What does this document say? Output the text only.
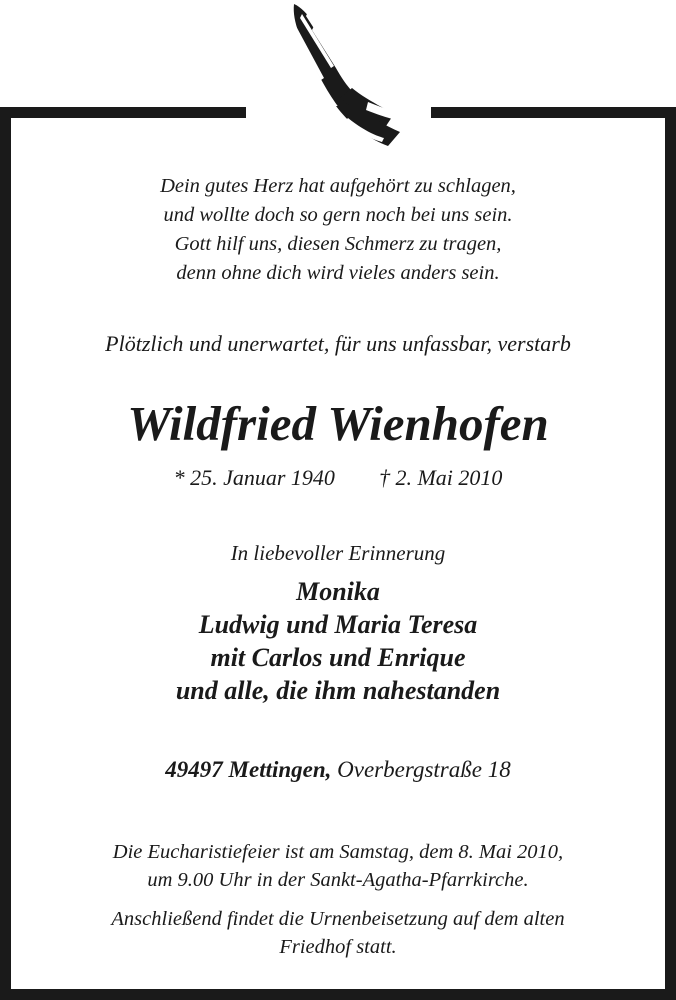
Dein gutes Herz hat aufgehört zu schlagen,
und wollte doch so gern noch bei uns sein.
Gott hilf uns, diesen Schmerz zu tragen,
denn ohne dich wird vieles anders sein.
Plötzlich und unerwartet, für uns unfassbar, verstarb
Wildfried Wienhofen
* 25. Januar 1940 † 2. Mai 2010
In liebevoller Erinnerung
Monika
Ludwig und Maria Teresa
mit Carlos und Enrique
und alle, die ihm nahestanden
49497 Mettingen, Overbergstraße 18
Die Eucharistiefeier ist am Samstag, dem 8. Mai 2010,
um 9.00 Uhr in der Sankt-Agatha-Pfarrkirche.
Anschließend findet die Urnenbeisetzung auf dem alten
Friedhof statt.
